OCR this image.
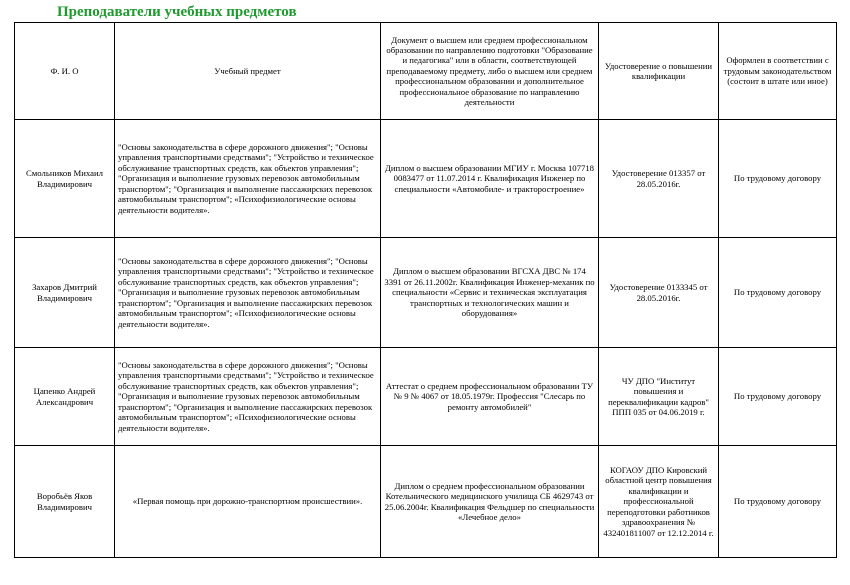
Преподаватели учебных предметов
Ф. И. О	Учебный предмет	Документ о высшем или среднем профессиональном образовании по направлению подготовки "Образование и педагогика" или в области, соответствующей преподаваемому предмету, либо о высшем или среднем профессиональном образовании и дополнительное профессиональное образование по направлению деятельности	Удостоверение о повышении квалификации	Оформлен в соответствии с трудовым законодательством (состоит в штате или иное)
Смольников Михаил Владимирович	"Основы законодательства в сфере дорожного движения"; "Основы управления транспортными средствами"; "Устройство и техническое обслуживание транспортных средств, как объектов управления"; "Организация и выполнение грузовых перевозок автомобильным транспортом"; "Организация и выполнение пассажирских перевозок автомобильным транспортом"; «Психофизиологические основы деятельности водителя».	Диплом о высшем образовании МГИУ г. Москва 107718 0083477 от 11.07.2014 г. Квалификация Инженер по специальности «Автомобиле- и тракторостроение»	Удостоверение 013357 от 28.05.2016г.	По трудовому договору
Захаров Дмитрий Владимирович	"Основы законодательства в сфере дорожного движения"; "Основы управления транспортными средствами"; "Устройство и техническое обслуживание транспортных средств, как объектов управления"; "Организация и выполнение грузовых перевозок автомобильным транспортом"; "Организация и выполнение пассажирских перевозок автомобильным транспортом"; «Психофизиологические основы деятельности водителя».	Диплом о высшем образовании ВГСХА ДВС № 174 3391 от 26.11.2002г. Квалификация Инженер-механик по специальности «Сервис и техническая эксплуатация транспортных и технологических машин и оборудования»	Удостоверение 0133345 от 28.05.2016г.	По трудовому договору
Цапенко Андрей Александрович	"Основы законодательства в сфере дорожного движения"; "Основы управления транспортными средствами"; "Устройство и техническое обслуживание транспортных средств, как объектов управления"; "Организация и выполнение грузовых перевозок автомобильным транспортом"; "Организация и выполнение пассажирских перевозок автомобильным транспортом"; «Психофизиологические основы деятельности водителя».	Аттестат о среднем профессиональном образовании ТУ № 9 № 4067 от 18.05.1979г. Профессия "Слесарь по ремонту автомобилей"	ЧУ ДПО "Институт повышения и переквалификации кадров" ППП 035 от 04.06.2019 г.	По трудовому договору
Воробьёв Яков Владимирович	«Первая помощь при дорожно-транспортном происшествии».	Диплом о среднем профессиональном образовании Котельнического медицинского училища СБ 4629743 от 25.06.2004г. Квалификация Фельдшер по специальности «Лечебное дело»	КОГАОУ ДПО Кировский областной центр повышения квалификации и профессиональной переподготовки работников здравоохранения № 432401811007 от 12.12.2014 г.	По трудовому договору
